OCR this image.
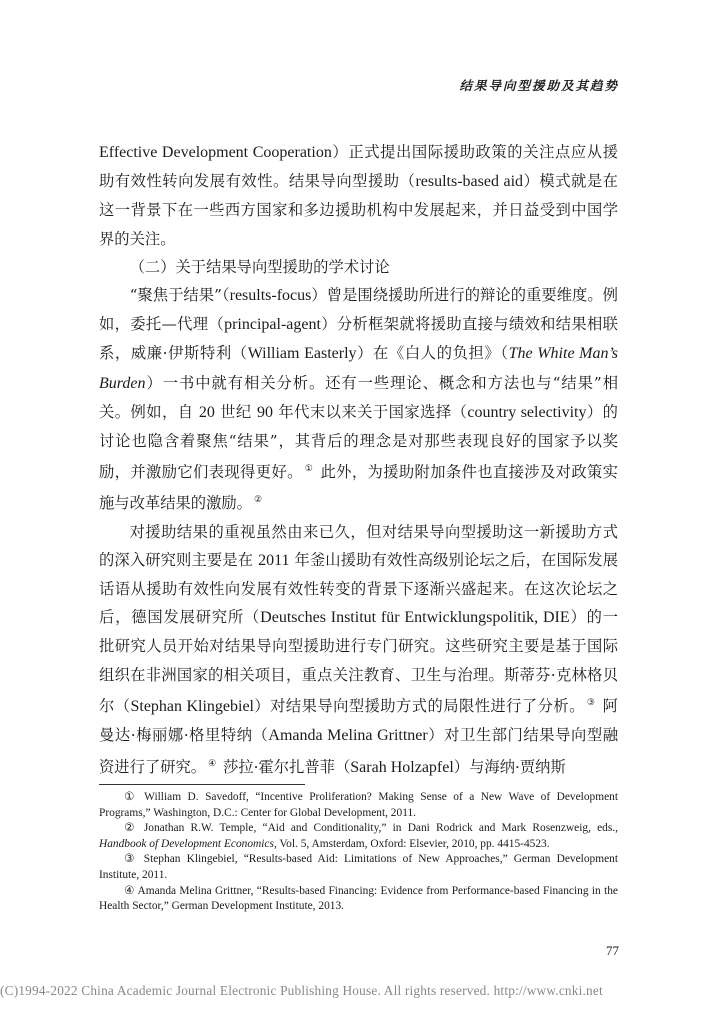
结果导向型援助及其趋势

Effective Development Cooperation）正式提出国际援助政策的关注点应从援助有效性转向发展有效性。结果导向型援助（results-based aid）模式就是在这一背景下在一些西方国家和多边援助机构中发展起来，并日益受到中国学界的关注。

（二）关于结果导向型援助的学术讨论

“聚焦于结果”（results-focus）曾是围绕援助所进行的辩论的重要维度。例如，委托—代理（principal-agent）分析框架就将援助直接与绩效和结果相联系，威廉·伊斯特利（William Easterly）在《白人的负担》（The White Man’s Burden）一书中就有相关分析。还有一些理论、概念和方法也与“结果”相关。例如，自 20 世纪 90 年代末以来关于国家选择（country selectivity）的讨论也隐含着聚焦“结果”，其背后的理念是对那些表现良好的国家予以奖励，并激励它们表现得更好。 ① 此外，为援助附加条件也直接涉及对政策实施与改革结果的激励。 ②

对援助结果的重视虽然由来已久，但对结果导向型援助这一新援助方式的深入研究则主要是在 2011 年釜山援助有效性高级别论坛之后，在国际发展话语从援助有效性向发展有效性转变的背景下逐渐兴盛起来。在这次论坛之后，德国发展研究所（Deutsches Institut für Entwicklungspolitik, DIE）的一批研究人员开始对结果导向型援助进行专门研究。这些研究主要是基于国际组织在非洲国家的相关项目，重点关注教育、卫生与治理。斯蒂芬·克林格贝尔（Stephan Klingebiel）对结果导向型援助方式的局限性进行了分析。 ③ 阿曼达·梅丽娜·格里特纳（Amanda Melina Grittner）对卫生部门结果导向型融资进行了研究。 ④ 莎拉·霍尔扎普菲（Sarah Holzapfel）与海纳·贾纳斯

① William D. Savedoff, “Incentive Proliferation? Making Sense of a New Wave of Development Programs,” Washington, D.C.: Center for Global Development, 2011.

② Jonathan R.W. Temple, “Aid and Conditionality,” in Dani Rodrick and Mark Rosenzweig, eds., Handbook of Development Economics, Vol. 5, Amsterdam, Oxford: Elsevier, 2010, pp. 4415-4523.

③ Stephan Klingebiel, “Results-based Aid: Limitations of New Approaches,” German Development Institute, 2011.

④ Amanda Melina Grittner, “Results-based Financing: Evidence from Performance-based Financing in the Health Sector,” German Development Institute, 2013.

77
(C)1994-2022 China Academic Journal Electronic Publishing House. All rights reserved. http://www.cnki.net
